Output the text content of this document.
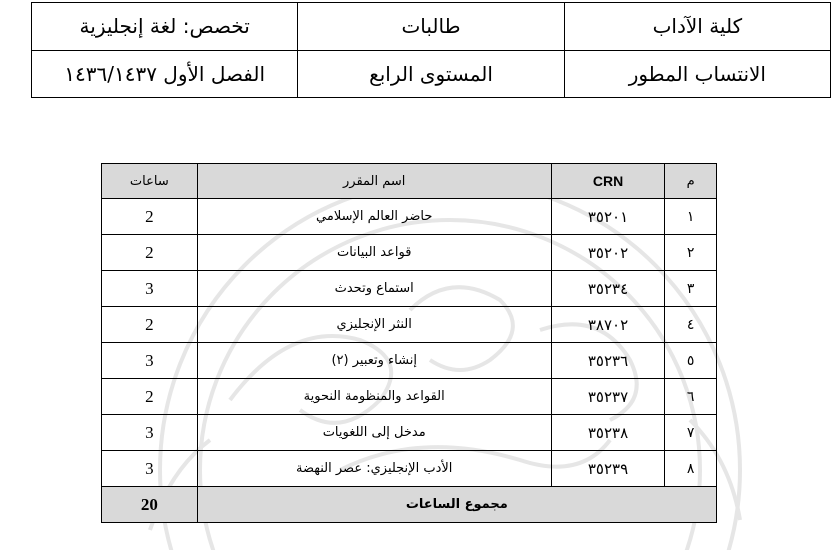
كلية الآداب	طالبات	تخصص: لغة إنجليزية
الانتساب المطور	المستوى الرابع	الفصل الأول ١٤٣٦/١٤٣٧
م	CRN	اسم المقرر	ساعات
١	٣٥٢٠١	حاضر العالم الإسلامي	2
٢	٣٥٢٠٢	قواعد البيانات	2
٣	٣٥٢٣٤	استماع وتحدث	3
٤	٣٨٧٠٢	النثر الإنجليزي	2
٥	٣٥٢٣٦	إنشاء وتعبير (٢)	3
٦	٣٥٢٣٧	القواعد والمنظومة النحوية	2
٧	٣٥٢٣٨	مدخل إلى اللغويات	3
٨	٣٥٢٣٩	الأدب الإنجليزي: عصر النهضة	3
مجموع الساعات			20
